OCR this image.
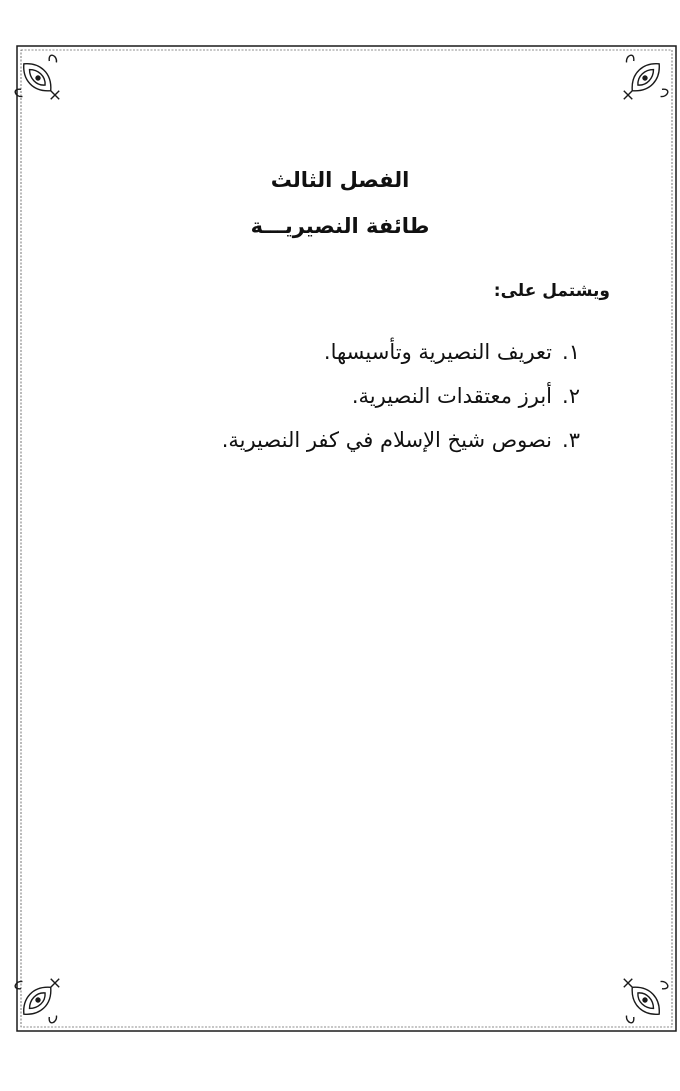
الفصل الثالث
طائفة النصيريـــة

ويشتمل على:

١.تعريف النصيرية وتأسيسها.
٢.أبرز معتقدات النصيرية.
٣.نصوص شيخ الإسلام في كفر النصيرية.
